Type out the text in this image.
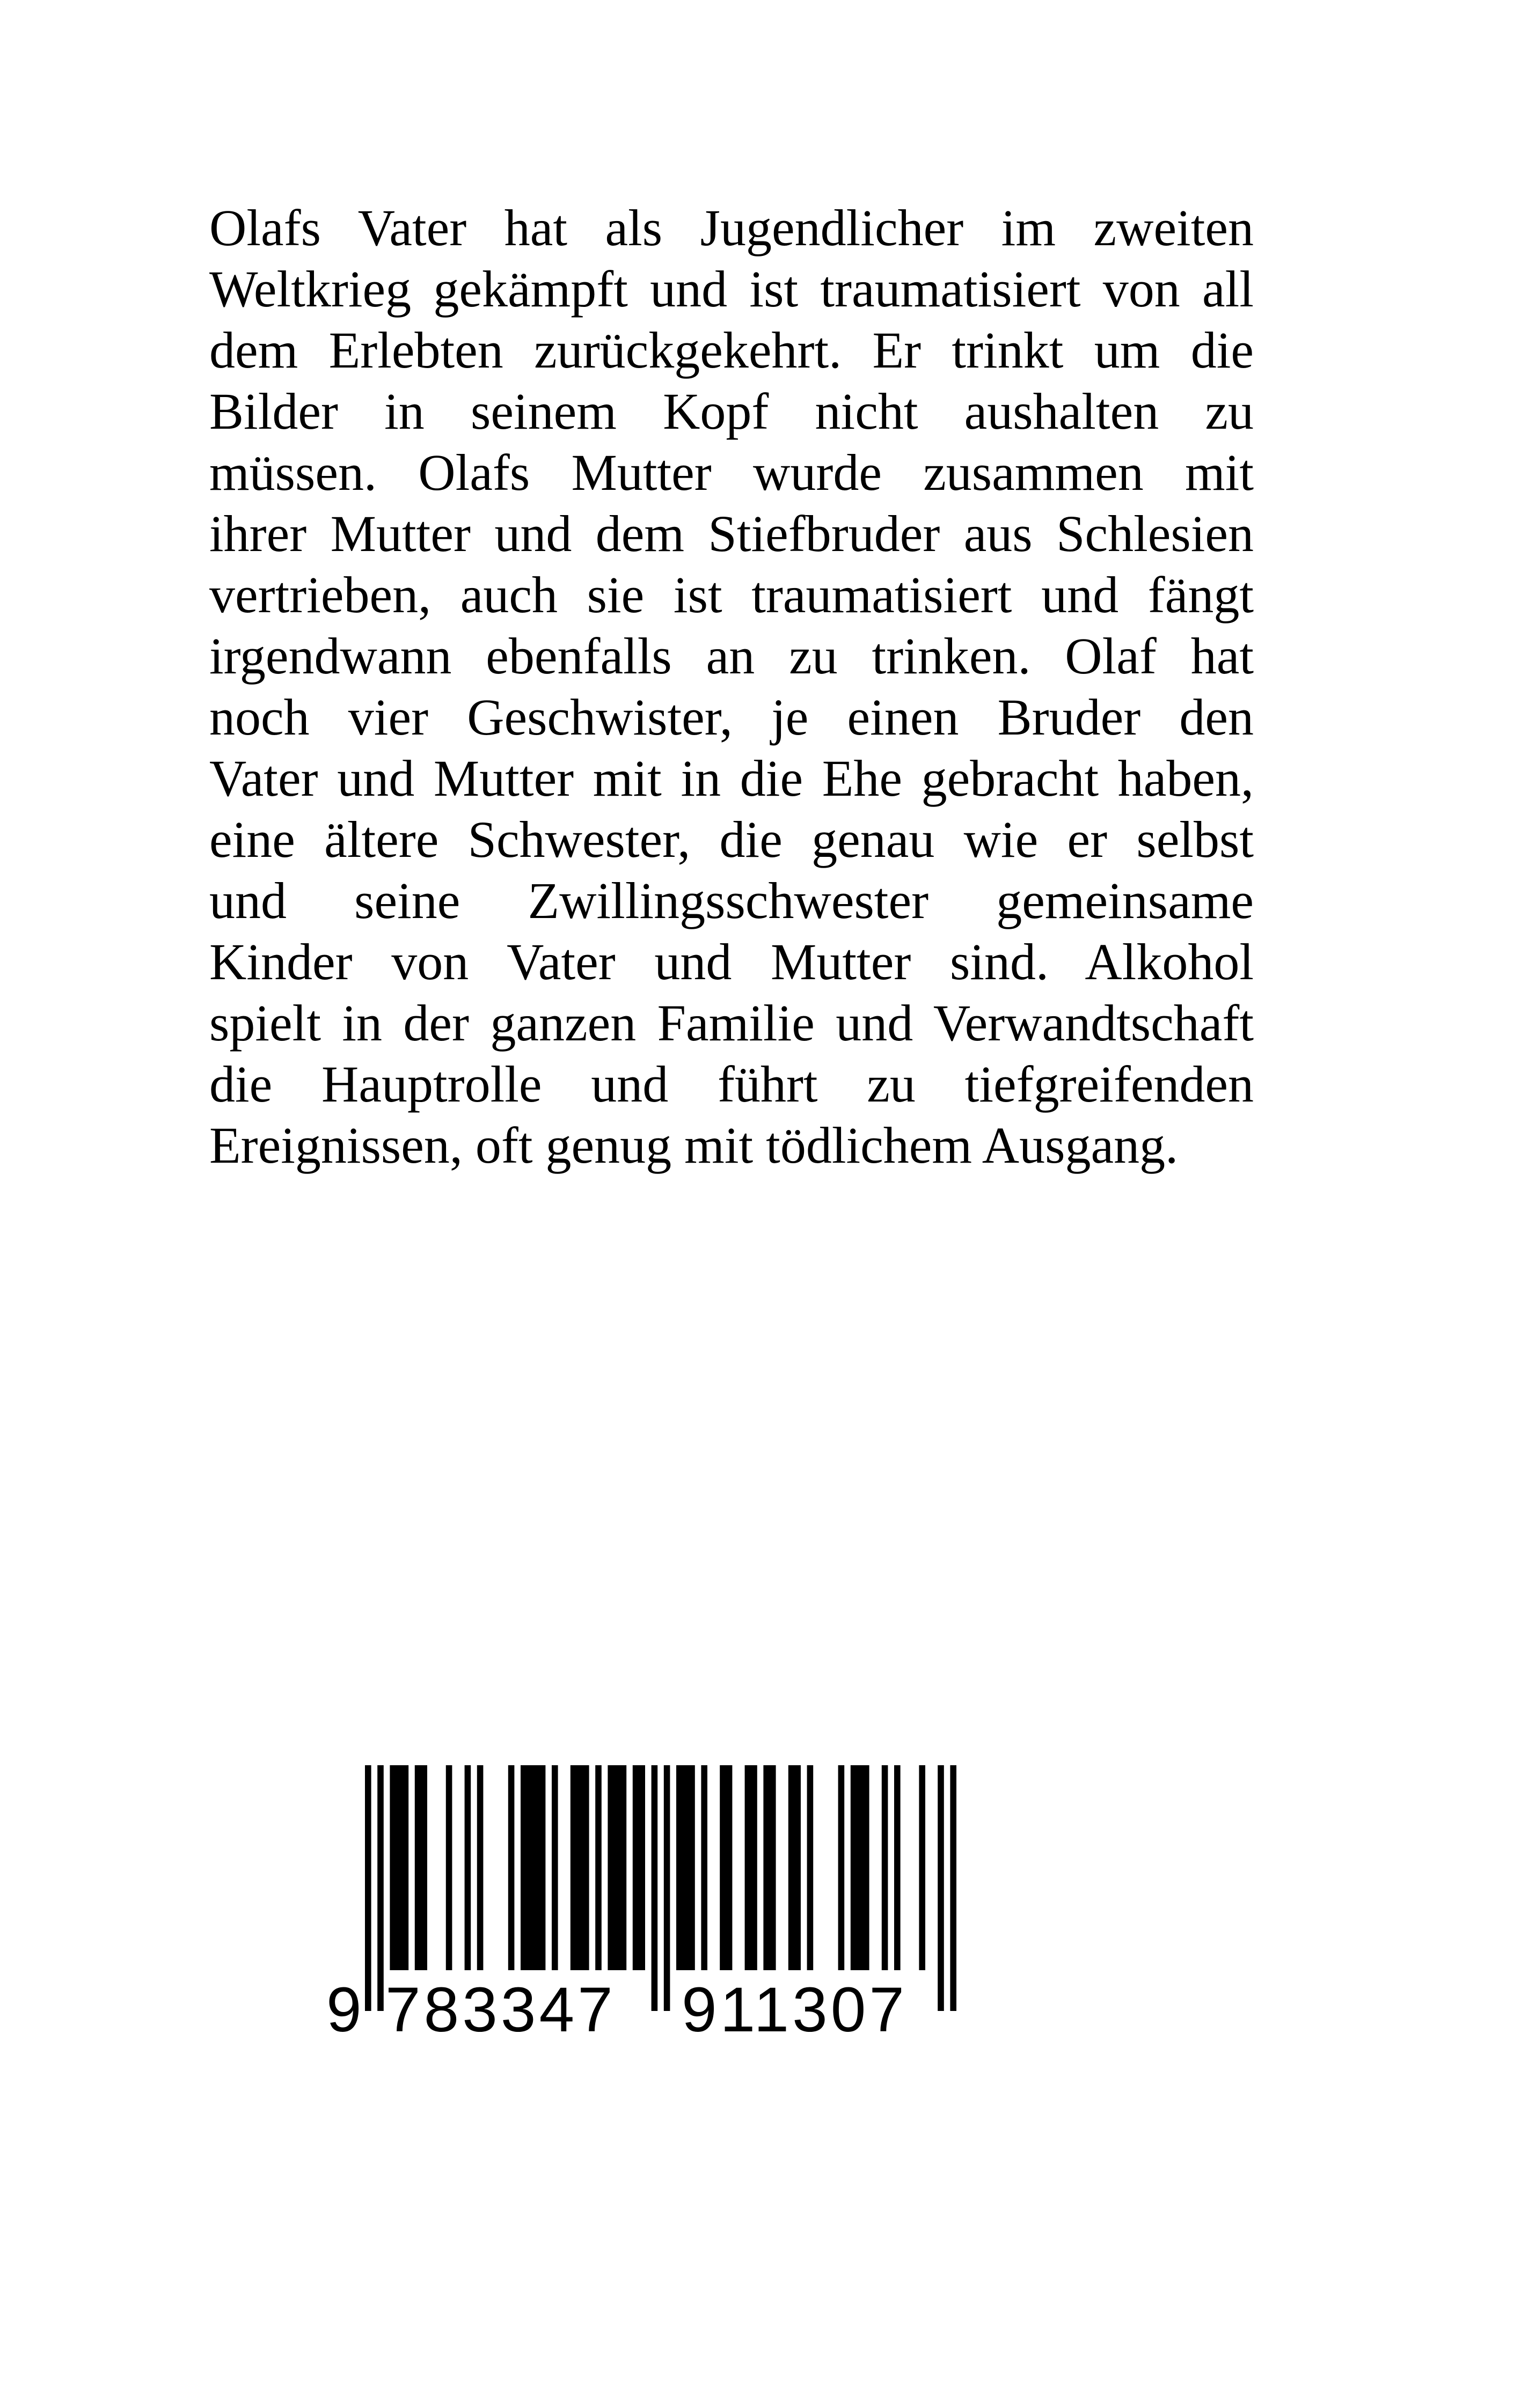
Olafs Vater hat als Jugendlicher im zweiten
Weltkrieg gekämpft und ist traumatisiert von all
dem Erlebten zurückgekehrt. Er trinkt um die
Bilder in seinem Kopf nicht aushalten zu
müssen. Olafs Mutter wurde zusammen mit
ihrer Mutter und dem Stiefbruder aus Schlesien
vertrieben, auch sie ist traumatisiert und fängt
irgendwann ebenfalls an zu trinken. Olaf hat
noch vier Geschwister, je einen Bruder den
Vater und Mutter mit in die Ehe gebracht haben,
eine ältere Schwester, die genau wie er selbst
und seine Zwillingsschwester gemeinsame
Kinder von Vater und Mutter sind. Alkohol
spielt in der ganzen Familie und Verwandtschaft
die Hauptrolle und führt zu tiefgreifenden
Ereignissen, oft genug mit tödlichem Ausgang.
9 783347 911307
